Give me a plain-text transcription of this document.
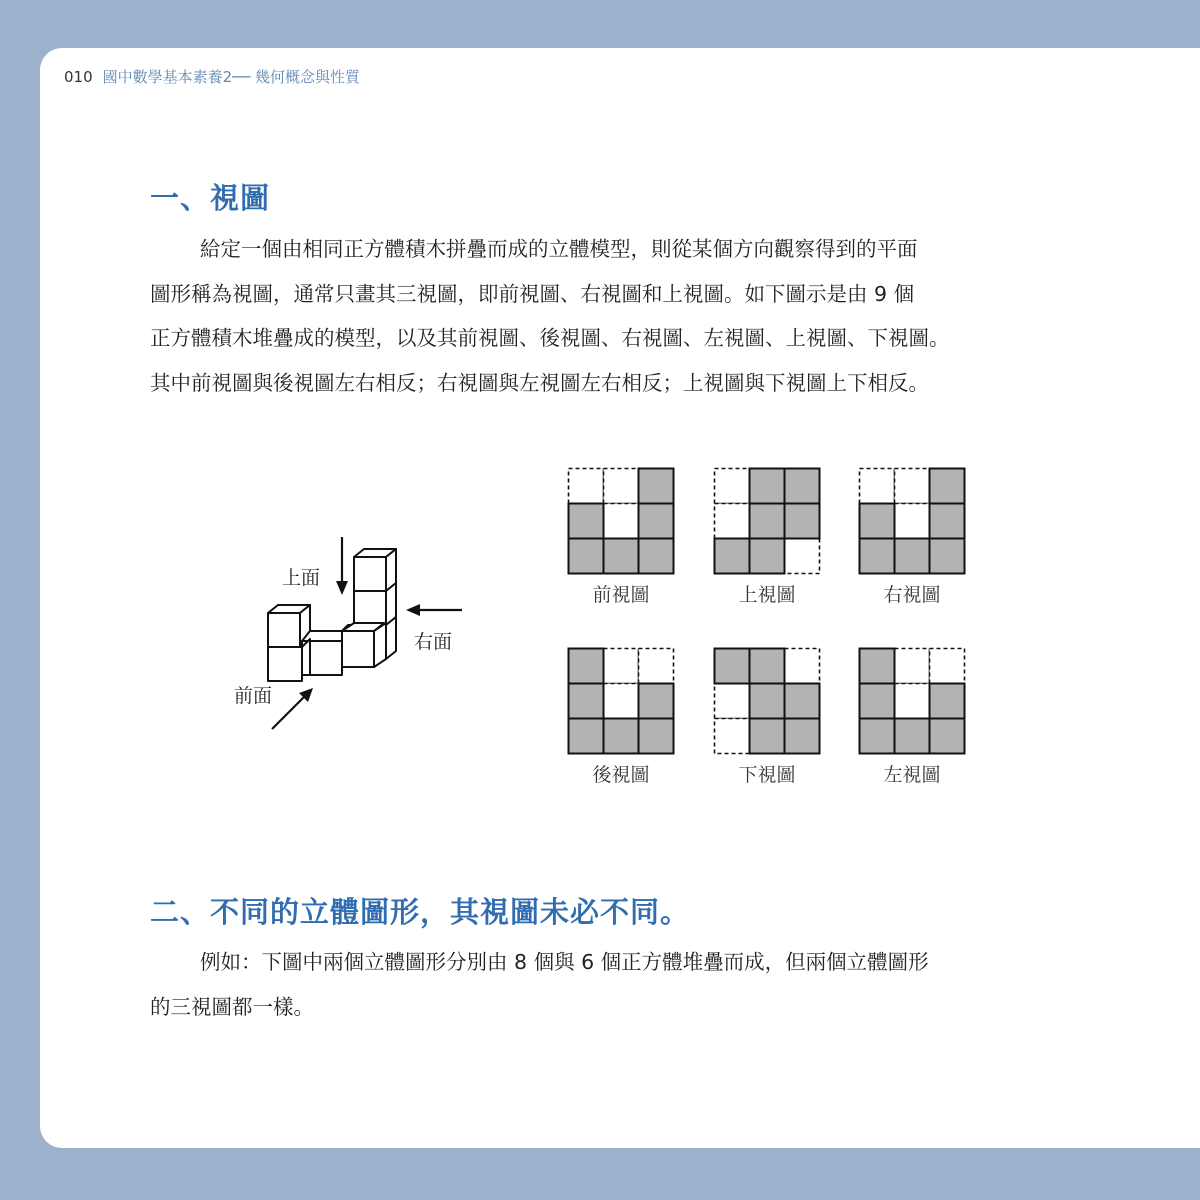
010 國中數學基本素養2── 幾何概念與性質
一、視圖
給定一個由相同正方體積木拼疊而成的立體模型，則從某個方向觀察得到的平面
圖形稱為視圖，通常只畫其三視圖，即前視圖、右視圖和上視圖。如下圖示是由 9 個
正方體積木堆疊成的模型，以及其前視圖、後視圖、右視圖、左視圖、上視圖、下視圖。
其中前視圖與後視圖左右相反；右視圖與左視圖左右相反；上視圖與下視圖上下相反。
上面
右面
前面
前視圖	上視圖	右視圖
後視圖	下視圖	左視圖
二、不同的立體圖形，其視圖未必不同。
例如：下圖中兩個立體圖形分別由 8 個與 6 個正方體堆疊而成，但兩個立體圖形
的三視圖都一樣。
